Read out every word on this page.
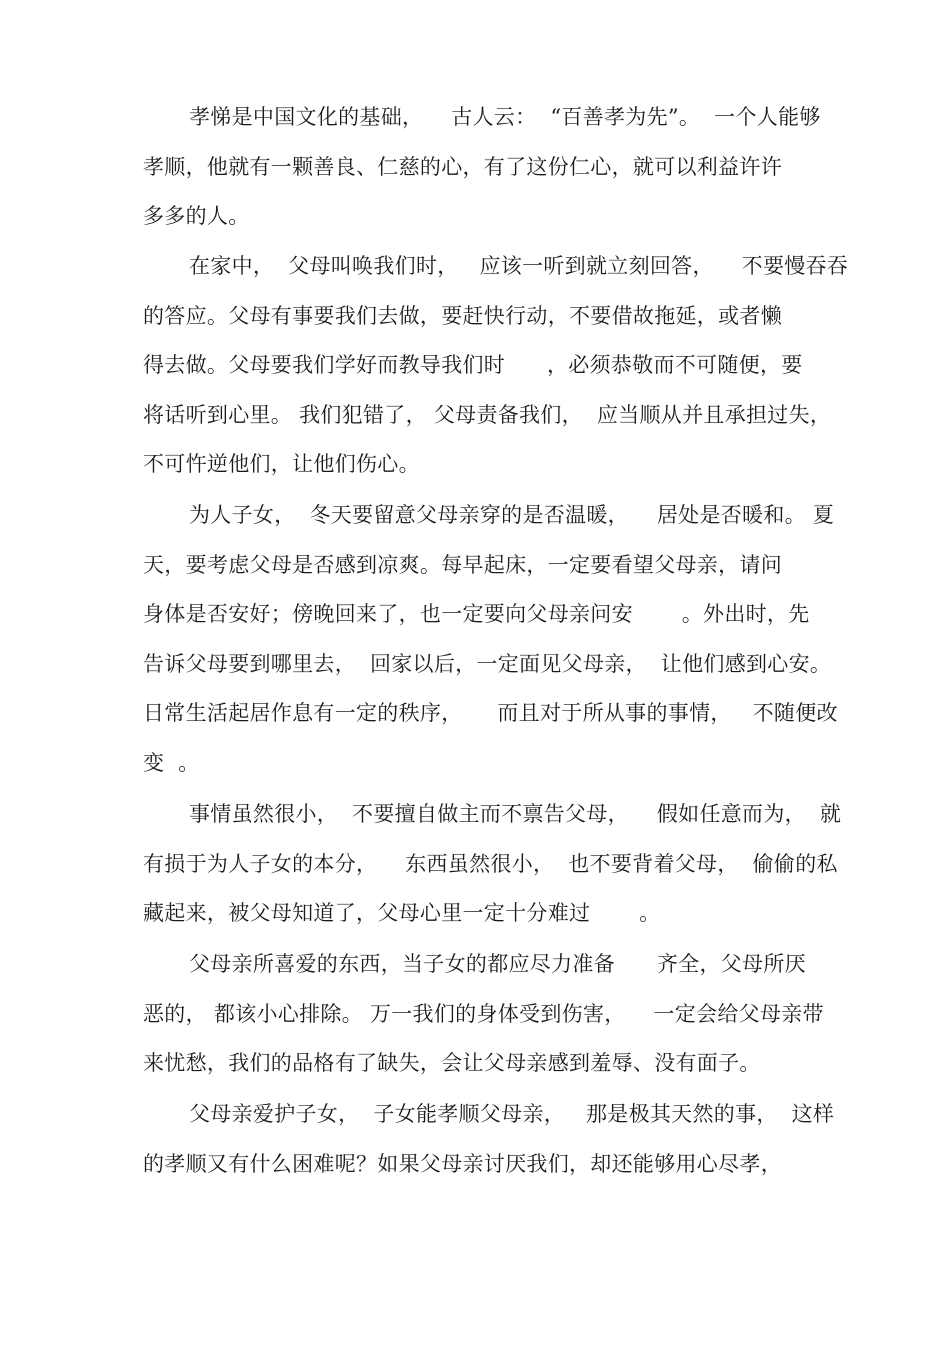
孝悌是中国文化的基础，    古人云：  “百善孝为先”。  一个人能够
孝顺，他就有一颗善良、仁慈的心，有了这份仁心，就可以利益许许
多多的人。
在家中，  父母叫唤我们时，   应该一听到就立刻回答，    不要慢吞吞
的答应。父母有事要我们去做，要赶快行动，不要借故拖延，或者懒
得去做。父母要我们学好而教导我们时      ，必须恭敬而不可随便，要
将话听到心里。 我们犯错了， 父母责备我们，  应当顺从并且承担过失，
不可忤逆他们，让他们伤心。
为人子女，  冬天要留意父母亲穿的是否温暖，    居处是否暖和。 夏
天，要考虑父母是否感到凉爽。每早起床，一定要看望父母亲，请问
身体是否安好；傍晚回来了，也一定要向父母亲问安       。外出时，先
告诉父母要到哪里去，  回家以后，一定面见父母亲，  让他们感到心安。
日常生活起居作息有一定的秩序，     而且对于所从事的事情，   不随便改
变  。
事情虽然很小，  不要擅自做主而不禀告父母，    假如任意而为，  就
有损于为人子女的本分，    东西虽然很小，  也不要背着父母，  偷偷的私
藏起来，被父母知道了，父母心里一定十分难过       。
父母亲所喜爱的东西，当子女的都应尽力准备      齐全，父母所厌
恶的， 都该小心排除。 万一我们的身体受到伤害，    一定会给父母亲带
来忧愁，我们的品格有了缺失，会让父母亲感到羞辱、没有面子。
父母亲爱护子女，  子女能孝顺父母亲，   那是极其天然的事，  这样
的孝顺又有什么困难呢？如果父母亲讨厌我们，却还能够用心尽孝，
